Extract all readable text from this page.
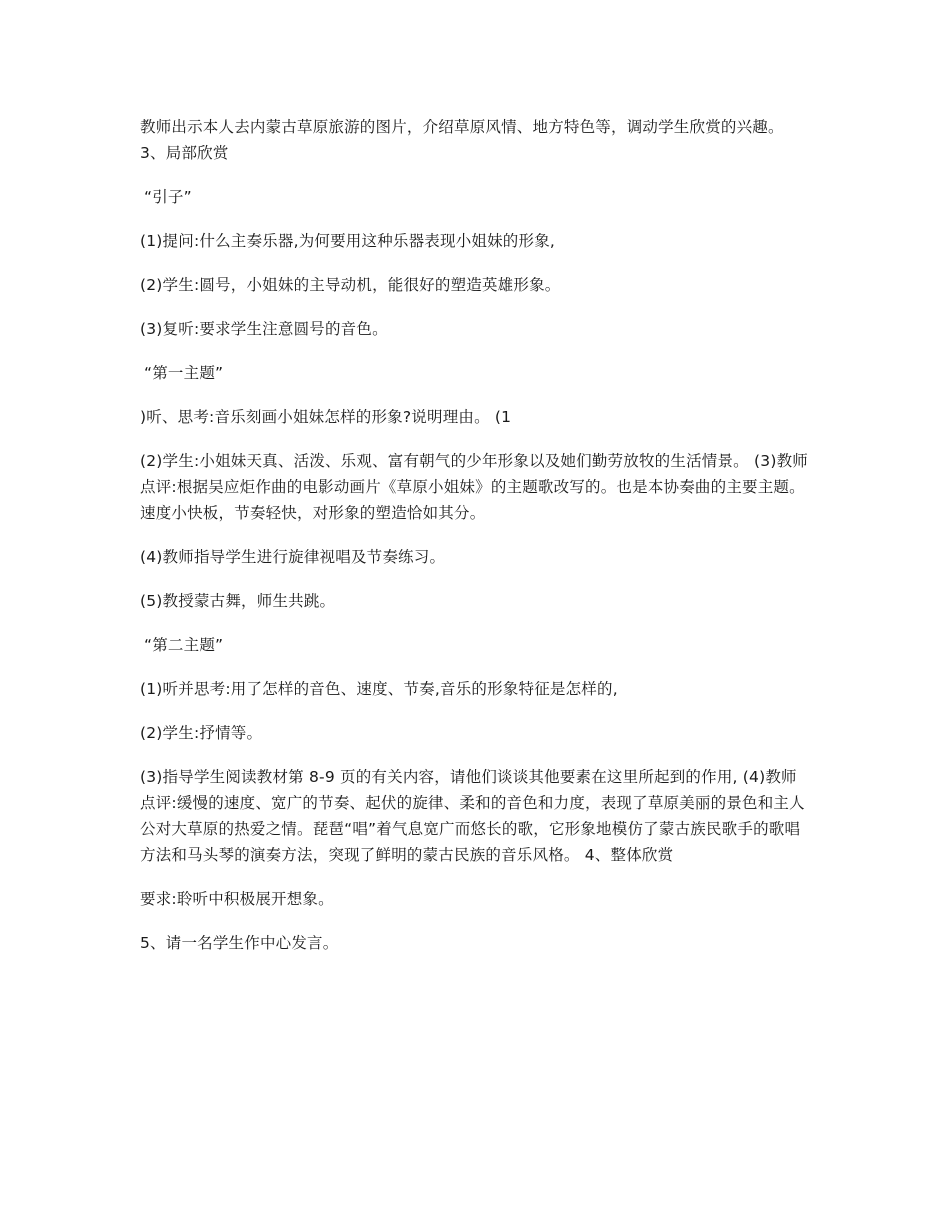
教师出示本人去内蒙古草原旅游的图片，介绍草原风情、地方特色等，调动学生欣赏的兴趣。 3、局部欣赏

“引子”

(1)提问:什么主奏乐器,为何要用这种乐器表现小姐妹的形象,

(2)学生:圆号，小姐妹的主导动机，能很好的塑造英雄形象。

(3)复听:要求学生注意圆号的音色。

“第一主题”

)听、思考:音乐刻画小姐妹怎样的形象?说明理由。 (1

(2)学生:小姐妹天真、活泼、乐观、富有朝气的少年形象以及她们勤劳放牧的生活情景。 (3)教师点评:根据吴应炬作曲的电影动画片《草原小姐妹》的主题歌改写的。也是本协奏曲的主要主题。速度小快板，节奏轻快，对形象的塑造恰如其分。

(4)教师指导学生进行旋律视唱及节奏练习。

(5)教授蒙古舞，师生共跳。

“第二主题”

(1)听并思考:用了怎样的音色、速度、节奏,音乐的形象特征是怎样的,

(2)学生:抒情等。

(3)指导学生阅读教材第 8-9 页的有关内容，请他们谈谈其他要素在这里所起到的作用, (4)教师点评:缓慢的速度、宽广的节奏、起伏的旋律、柔和的音色和力度，表现了草原美丽的景色和主人公对大草原的热爱之情。琵琶“唱”着气息宽广而悠长的歌，它形象地模仿了蒙古族民歌手的歌唱方法和马头琴的演奏方法，突现了鲜明的蒙古民族的音乐风格。 4、整体欣赏

要求:聆听中积极展开想象。

5、请一名学生作中心发言。
